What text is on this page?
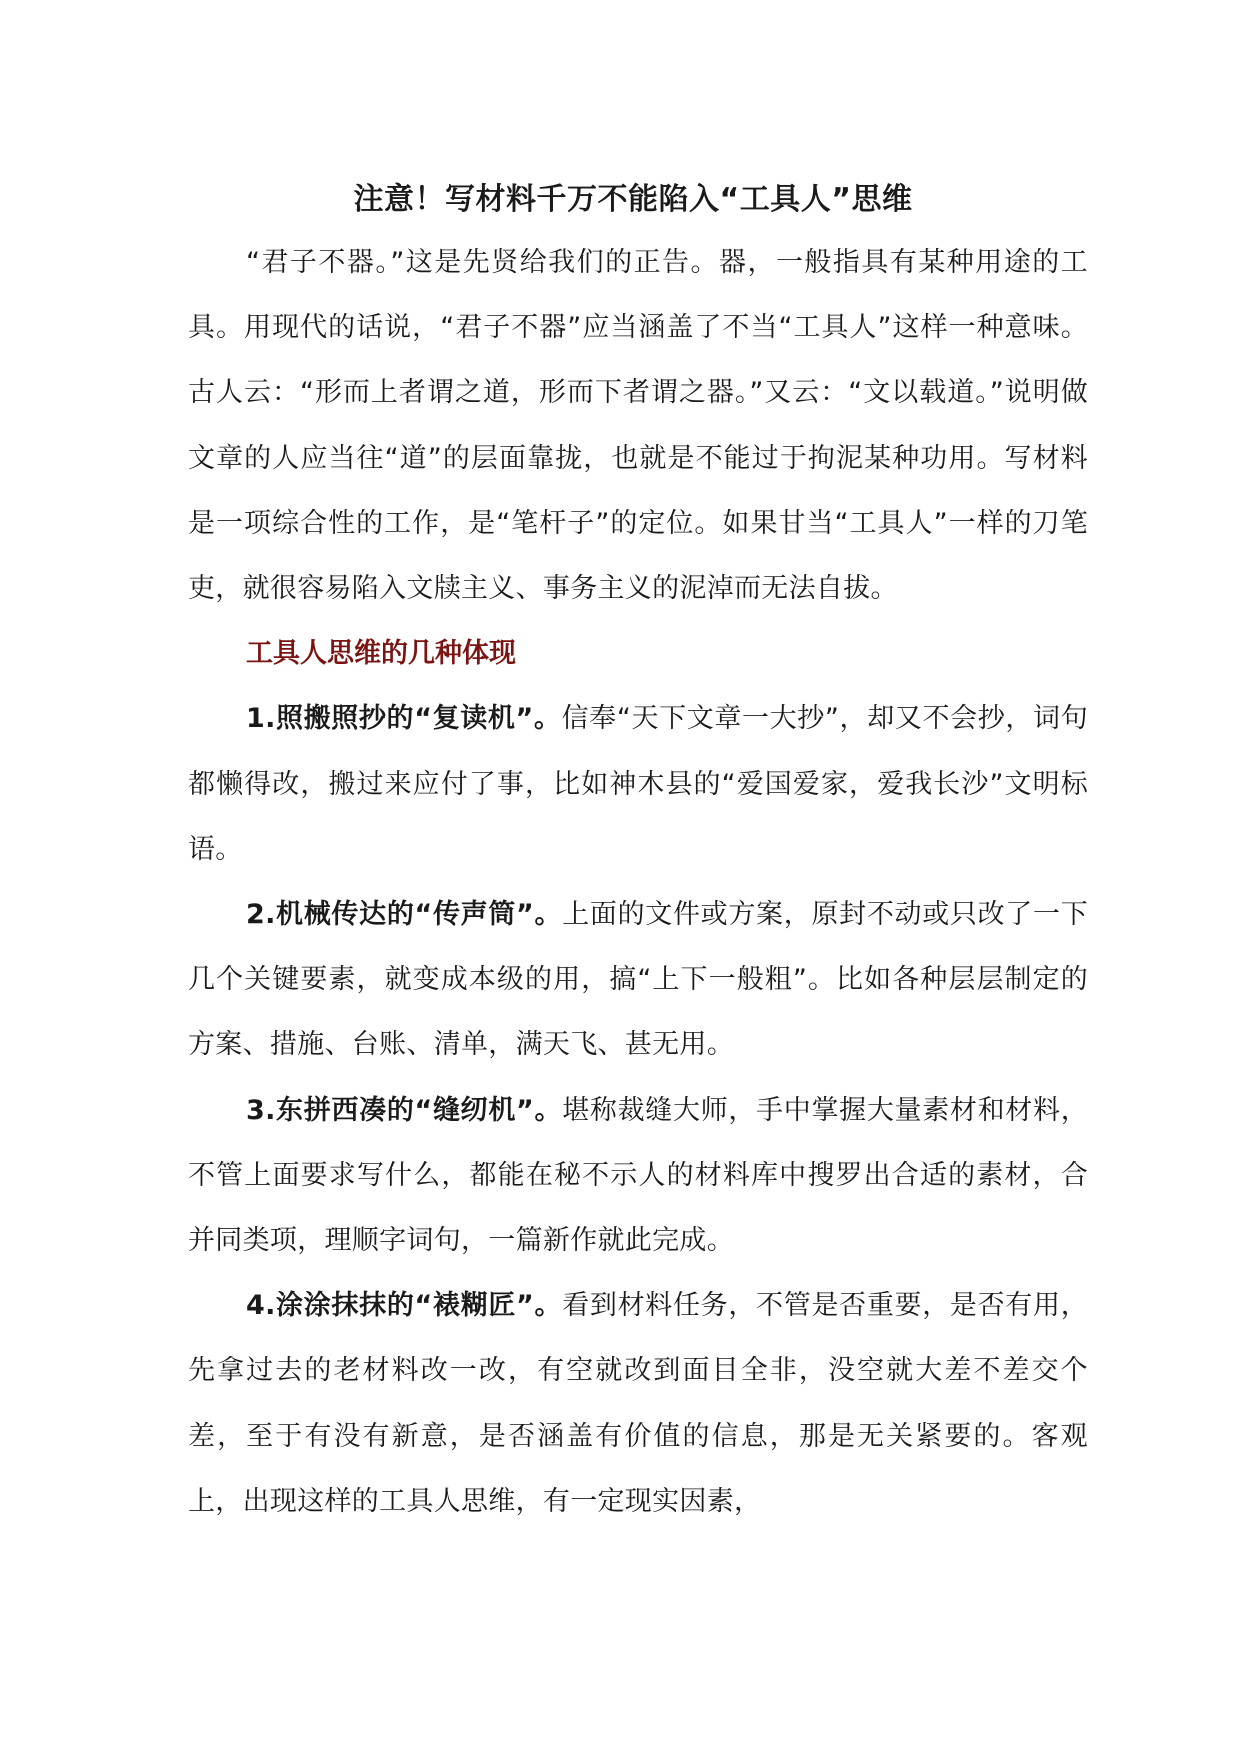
注意！写材料千万不能陷入“工具人”思维

“君子不器。”这是先贤给我们的正告。器，一般指具有某种用途的工具。用现代的话说，“君子不器”应当涵盖了不当“工具人”这样一种意味。古人云：“形而上者谓之道，形而下者谓之器。”又云：“文以载道。”说明做文章的人应当往“道”的层面靠拢，也就是不能过于拘泥某种功用。写材料是一项综合性的工作，是“笔杆子”的定位。如果甘当“工具人”一样的刀笔吏，就很容易陷入文牍主义、事务主义的泥淖而无法自拔。

工具人思维的几种体现

1.照搬照抄的“复读机”。信奉“天下文章一大抄”，却又不会抄，词句都懒得改，搬过来应付了事，比如神木县的“爱国爱家，爱我长沙”文明标语。

2.机械传达的“传声筒”。上面的文件或方案，原封不动或只改了一下几个关键要素，就变成本级的用，搞“上下一般粗”。比如各种层层制定的方案、措施、台账、清单，满天飞、甚无用。

3.东拼西凑的“缝纫机”。堪称裁缝大师，手中掌握大量素材和材料，不管上面要求写什么，都能在秘不示人的材料库中搜罗出合适的素材，合并同类项，理顺字词句，一篇新作就此完成。

4.涂涂抹抹的“裱糊匠”。看到材料任务，不管是否重要，是否有用，先拿过去的老材料改一改，有空就改到面目全非，没空就大差不差交个差，至于有没有新意，是否涵盖有价值的信息，那是无关紧要的。客观上，出现这样的工具人思维，有一定现实因素，
